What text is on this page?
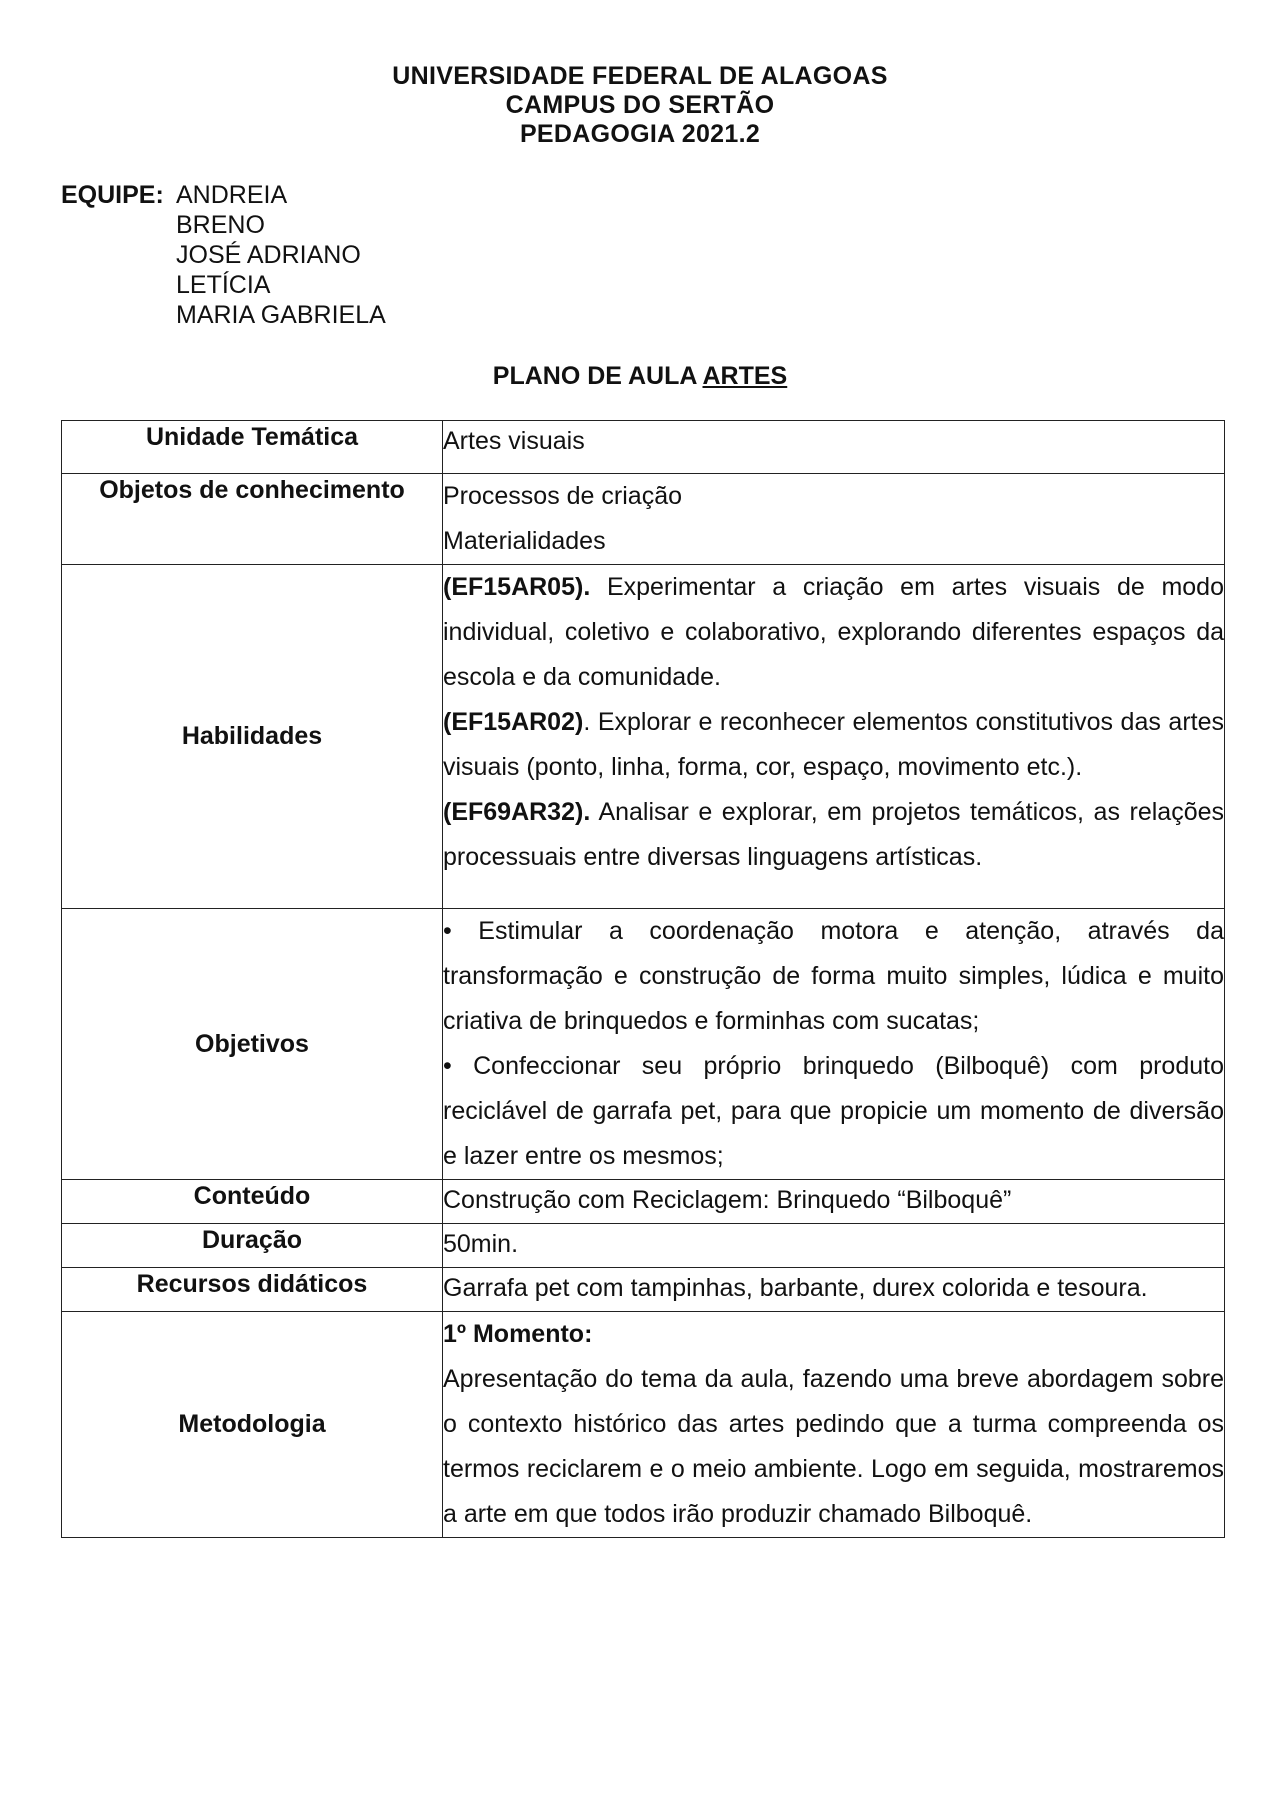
UNIVERSIDADE FEDERAL DE ALAGOAS
CAMPUS DO SERTÃO
PEDAGOGIA 2021.2
EQUIPE: ANDREIA
BRENO
JOSÉ ADRIANO
LETÍCIA
MARIA GABRIELA
PLANO DE AULA ARTES
Unidade Temática	Artes visuais
Objetos de conhecimento	Processos de criação

Materialidades

Habilidades	(EF15AR05). Experimentar a criação em artes visuais de modo individual, coletivo e colaborativo, explorando diferentes espaços da escola e da comunidade.

(EF15AR02). Explorar e reconhecer elementos constitutivos das artes visuais (ponto, linha, forma, cor, espaço, movimento etc.).

(EF69AR32). Analisar e explorar, em projetos temáticos, as relações processuais entre diversas linguagens artísticas.

Objetivos	• Estimular a coordenação motora e atenção, através da transformação e construção de forma muito simples, lúdica e muito criativa de brinquedos e forminhas com sucatas;

• Confeccionar seu próprio brinquedo (Bilboquê) com produto reciclável de garrafa pet, para que propicie um momento de diversão e lazer entre os mesmos;

Conteúdo	Construção com Reciclagem: Brinquedo “Bilboquê”
Duração	50min.
Recursos didáticos	Garrafa pet com tampinhas, barbante, durex colorida e tesoura.
Metodologia	1º Momento:

Apresentação do tema da aula, fazendo uma breve abordagem sobre o contexto histórico das artes pedindo que a turma compreenda os termos reciclarem e o meio ambiente. Logo em seguida, mostraremos a arte em que todos irão produzir chamado Bilboquê.
